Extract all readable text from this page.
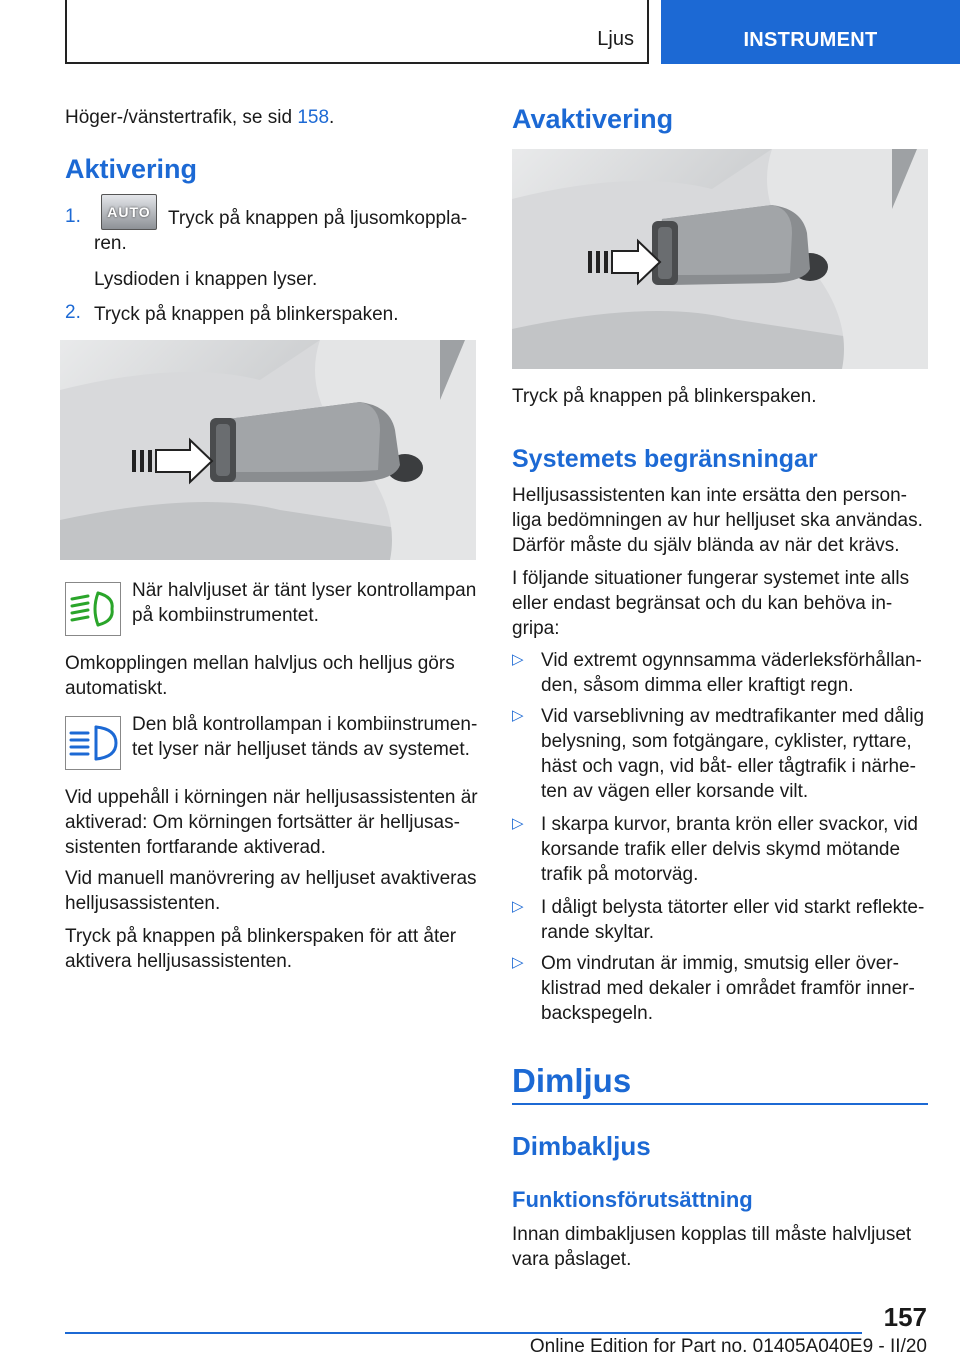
Ljus	INSTRUMENT

Höger-/vänstertrafik, se sid 158.

Aktivering
1. AUTO Tryck på knappen på ljusomkoppla-

ren.

Lysdioden i knappen lyser.

2. Tryck på knappen på blinkerspaken.

När halvljuset är tänt lyser kontrollampan

på kombiinstrumentet.

Omkopplingen mellan halvljus och helljus görs

automatiskt.

Den blå kontrollampan i kombiinstrumen-

tet lyser när helljuset tänds av systemet.

Vid uppehåll i körningen när helljusassistenten är

aktiverad: Om körningen fortsätter är helljusas-

sistenten fortfarande aktiverad.

Vid manuell manövrering av helljuset avaktiveras

helljusassistenten.

Tryck på knappen på blinkerspaken för att åter

aktivera helljusassistenten.

Avaktivering

Tryck på knappen på blinkerspaken.

Systemets begränsningar

Helljusassistenten kan inte ersätta den person-

liga bedömningen av hur helljuset ska användas.

Därför måste du själv blända av när det krävs.

I följande situationer fungerar systemet inte alls

eller endast begränsat och du kan behöva in-

gripa:

▷ Vid extremt ogynnsamma väderleksförhållan-

den, såsom dimma eller kraftigt regn.

▷ Vid varseblivning av medtrafikanter med dålig

belysning, som fotgängare, cyklister, ryttare,

häst och vagn, vid båt- eller tågtrafik i närhe-

ten av vägen eller korsande vilt.

▷ I skarpa kurvor, branta krön eller svackor, vid

korsande trafik eller delvis skymd mötande

trafik på motorväg.

▷ I dåligt belysta tätorter eller vid starkt reflekte-

rande skyltar.

▷ Om vindrutan är immig, smutsig eller över-

klistrad med dekaler i området framför inner-

backspegeln.

Dimljus
Dimbakljus
Funktionsförutsättning

Innan dimbakljusen kopplas till måste halvljuset

vara påslaget.

157
Online Edition for Part no. 01405A040E9 - II/20
